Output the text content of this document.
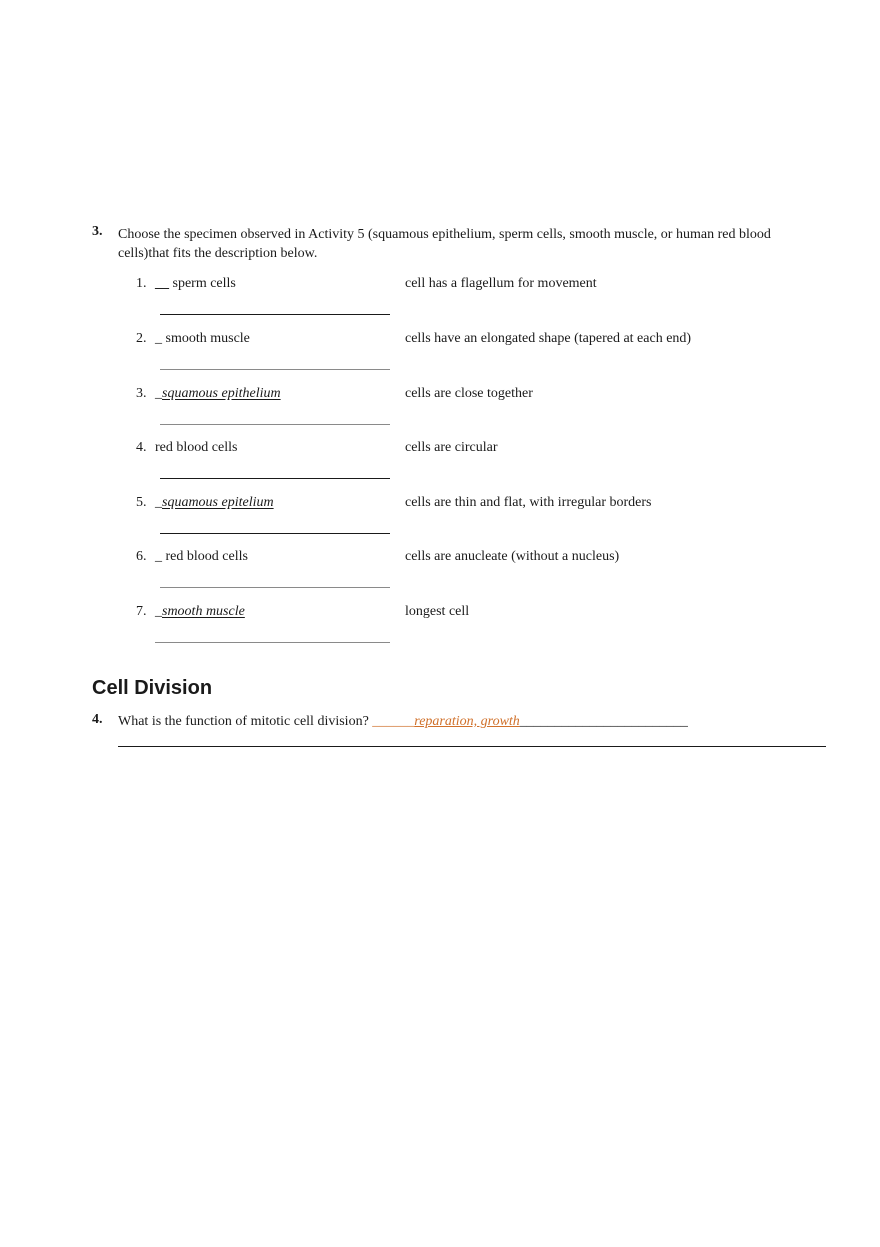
3. Choose the specimen observed in Activity 5 (squamous epithelium, sperm cells, smooth muscle, or human red blood cells)that fits the description below.
1. __ sperm cells	cell has a flagellum for movement
2. _ smooth muscle	cells have an elongated shape (tapered at each end)
3. _squamous epithelium	cells are close together
4. red blood cells	cells are circular
5. _squamous epitelium	cells are thin and flat, with irregular borders
6. _ red blood cells	cells are anucleate (without a nucleus)
7. _smooth muscle	longest cell
Cell Division
4. What is the function of mitotic cell division? ______reparation, growth________________________
